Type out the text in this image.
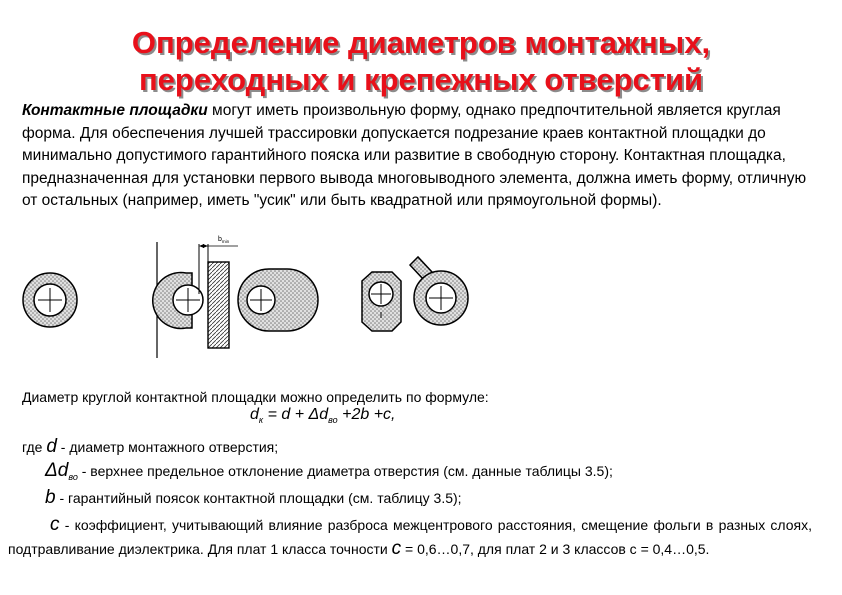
Определение диаметров монтажных,
переходных и крепежных отверстий
Контактные площадки могут иметь произвольную форму, однако предпочтительной является круглая форма. Для обеспечения лучшей трассировки допускается подрезание краев контактной площадки до минимально допустимого гарантийного пояска или развитие в свободную сторону. Контактная площадка, предназначенная для установки первого вывода многовыводного элемента, должна иметь форму, отличную от остальных (например, иметь "усик" или быть квадратной или прямоугольной формы).
$b_{min}$
Диаметр круглой контактной площадки можно определить по формуле:
$d_к = d + \Delta d_{во} +2b +c$,
где d - диаметр монтажного отверстия;
$\Delta d_{во}$ - верхнее предельное отклонение диаметра отверстия (см. данные таблицы 3.5);
b - гарантийный поясок контактной площадки (см. таблицу 3.5);
c - коэффициент, учитывающий влияние разброса межцентрового расстояния, смещение фольги в разных слоях, подтравливание диэлектрика. Для плат 1 класса точности c = 0,6…0,7, для плат 2 и 3 классов с = 0,4…0,5.
